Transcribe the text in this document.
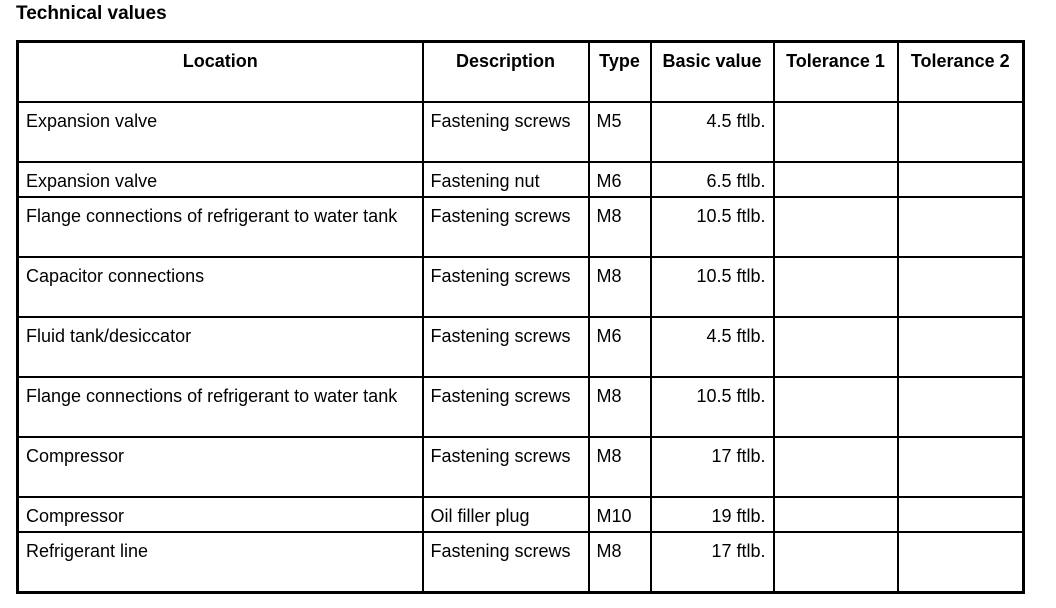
Technical values
Location	Description	Type	Basic value	Tolerance 1	Tolerance 2
Expansion valve	Fastening screws	M5	4.5 ftlb.		
Expansion valve	Fastening nut	M6	6.5 ftlb.		
Flange connections of refrigerant to water tank	Fastening screws	M8	10.5 ftlb.		
Capacitor connections	Fastening screws	M8	10.5 ftlb.		
Fluid tank/desiccator	Fastening screws	M6	4.5 ftlb.		
Flange connections of refrigerant to water tank	Fastening screws	M8	10.5 ftlb.		
Compressor	Fastening screws	M8	17 ftlb.		
Compressor	Oil filler plug	M10	19 ftlb.		
Refrigerant line	Fastening screws	M8	17 ftlb.		
